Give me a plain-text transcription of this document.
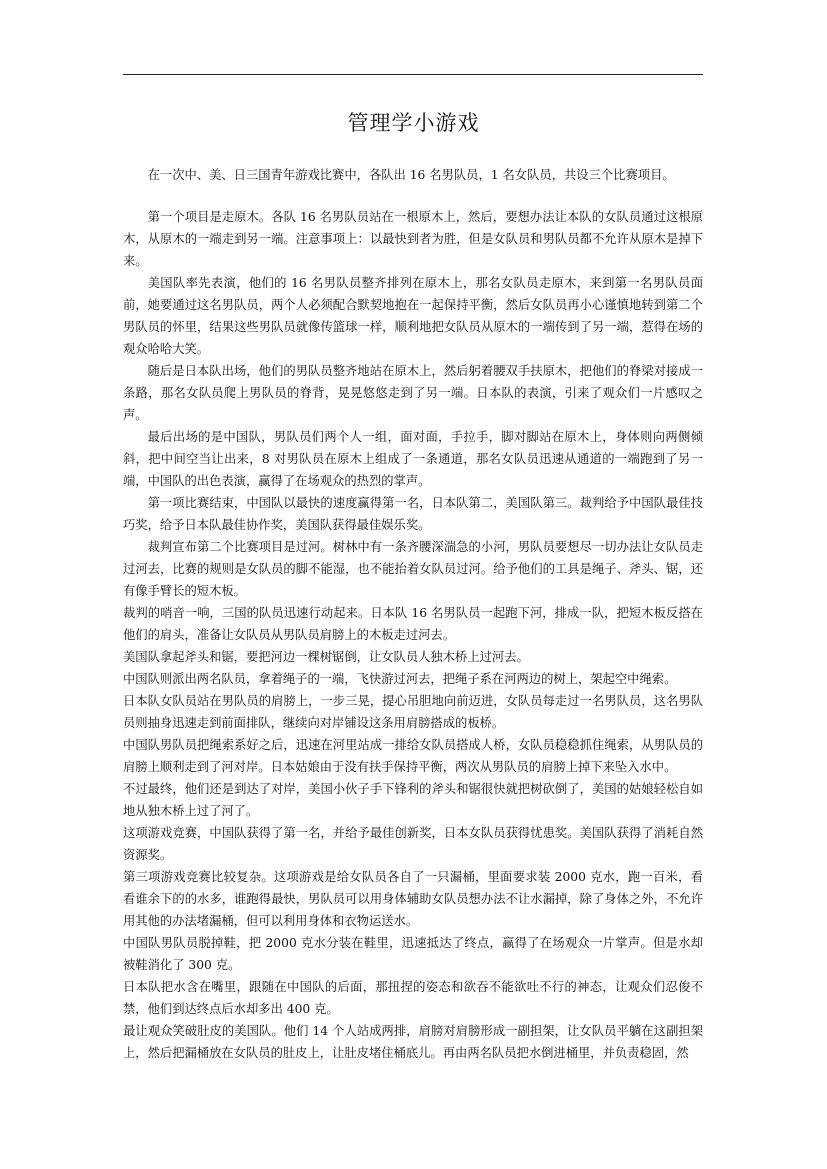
管理学小游戏
在一次中、美、日三国青年游戏比赛中，各队出 16 名男队员，1 名女队员，共设三个比赛项目。

第一个项目是走原木。各队 16 名男队员站在一根原木上，然后，要想办法让本队的女队员通过这根原木，从原木的一端走到另一端。注意事项上：以最快到者为胜，但是女队员和男队员都不允许从原木是掉下来。

美国队率先表演，他们的 16 名男队员整齐排列在原木上，那名女队员走原木，来到第一名男队员面前，她要通过这名男队员，两个人必须配合默契地抱在一起保持平衡，然后女队员再小心谨慎地转到第二个男队员的怀里，结果这些男队员就像传篮球一样，顺利地把女队员从原木的一端传到了另一端，惹得在场的观众哈哈大笑。

随后是日本队出场，他们的男队员整齐地站在原木上，然后躬着腰双手扶原木，把他们的脊梁对接成一条路，那名女队员爬上男队员的脊背，晃晃悠悠走到了另一端。日本队的表演，引来了观众们一片感叹之声。

最后出场的是中国队，男队员们两个人一组，面对面，手拉手，脚对脚站在原木上，身体则向两侧倾斜，把中间空当让出来，8 对男队员在原木上组成了一条通道，那名女队员迅速从通道的一端跑到了另一端，中国队的出色表演，赢得了在场观众的热烈的掌声。

第一项比赛结束，中国队以最快的速度赢得第一名，日本队第二，美国队第三。裁判给予中国队最佳技巧奖，给予日本队最佳协作奖，美国队获得最佳娱乐奖。

裁判宣布第二个比赛项目是过河。树林中有一条齐腰深湍急的小河，男队员要想尽一切办法让女队员走过河去，比赛的规则是女队员的脚不能湿，也不能抬着女队员过河。给予他们的工具是绳子、斧头、锯，还有像手臂长的短木板。

裁判的哨音一响，三国的队员迅速行动起来。日本队 16 名男队员一起跑下河，排成一队，把短木板反搭在他们的肩头，准备让女队员从男队员肩膀上的木板走过河去。

美国队拿起斧头和锯，要把河边一棵树锯倒，让女队员人独木桥上过河去。

中国队则派出两名队员，拿着绳子的一端，飞快游过河去，把绳子系在河两边的树上，架起空中绳索。

日本队女队员站在男队员的肩膀上，一步三晃，提心吊胆地向前迈进，女队员每走过一名男队员，这名男队员则抽身迅速走到前面排队，继续向对岸铺设这条用肩膀搭成的板桥。

中国队男队员把绳索系好之后，迅速在河里站成一排给女队员搭成人桥，女队员稳稳抓住绳索，从男队员的肩膀上顺利走到了河对岸。日本姑娘由于没有扶手保持平衡，两次从男队员的肩膀上掉下来坠入水中。

不过最终，他们还是到达了对岸，美国小伙子手下锋利的斧头和锯很快就把树砍倒了，美国的姑娘轻松自如地从独木桥上过了河了。

这项游戏竞赛，中国队获得了第一名，并给予最佳创新奖，日本女队员获得忧患奖。美国队获得了消耗自然资源奖。

第三项游戏竞赛比较复杂。这项游戏是给女队员各自了一只漏桶，里面要求装 2000 克水，跑一百米，看看谁余下的的水多，谁跑得最快，男队员可以用身体辅助女队员想办法不让水漏掉，除了身体之外，不允许用其他的办法堵漏桶，但可以利用身体和衣物运送水。

中国队男队员脱掉鞋，把 2000 克水分装在鞋里，迅速抵达了终点，赢得了在场观众一片掌声。但是水却被鞋消化了 300 克。

日本队把水含在嘴里，跟随在中国队的后面，那扭捏的姿态和欲吞不能欲吐不行的神态，让观众们忍俊不禁，他们到达终点后水却多出 400 克。

最让观众笑破肚皮的美国队。他们 14 个人站成两排，肩膀对肩膀形成一副担架，让女队员平躺在这副担架上，然后把漏桶放在女队员的肚皮上，让肚皮堵住桶底儿。再由两名队员把水倒进桶里，并负责稳固，然
